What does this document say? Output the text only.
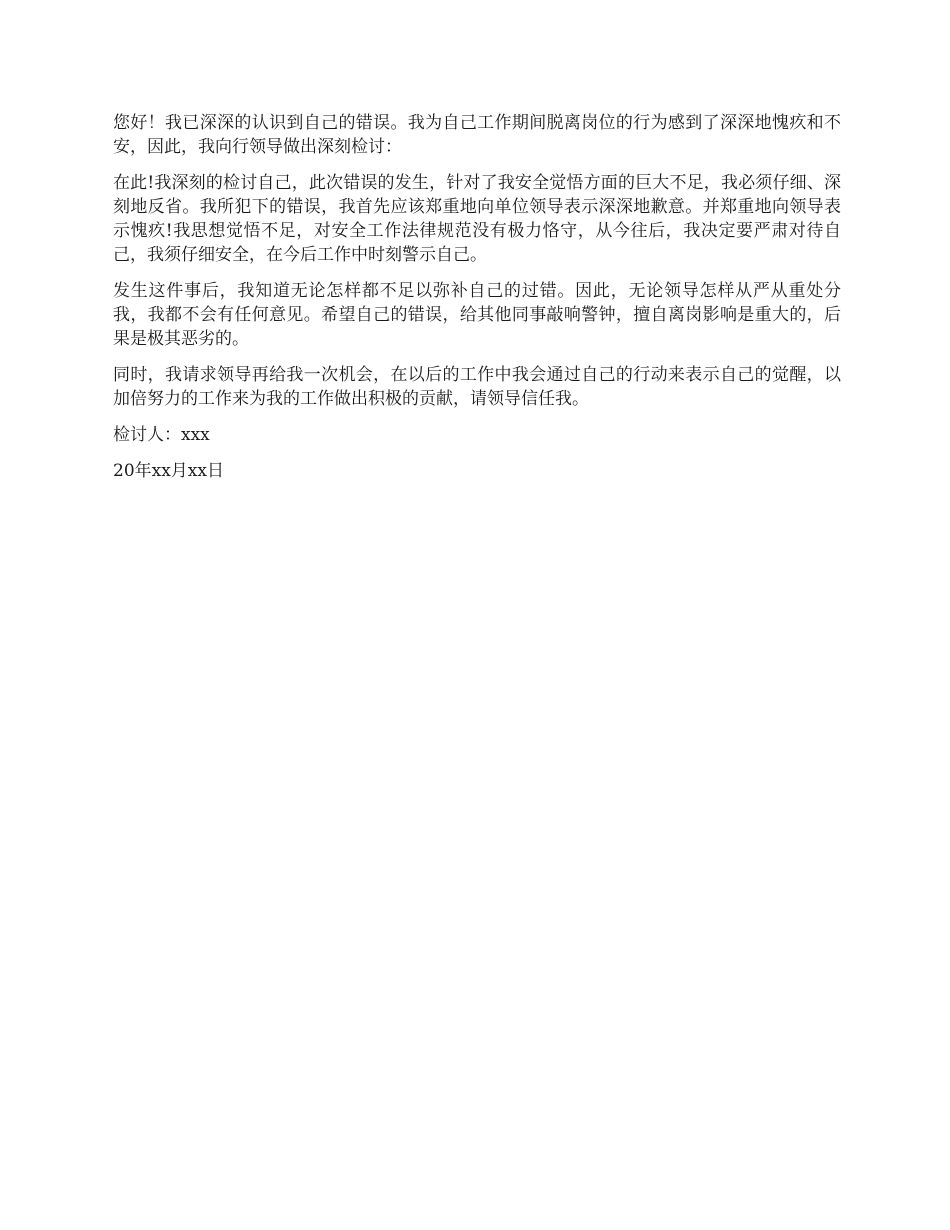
您好！我已深深的认识到自己的错误。我为自己工作期间脱离岗位的行为感到了深深地愧疚和不安，因此，我向行领导做出深刻检讨：

在此!我深刻的检讨自己，此次错误的发生，针对了我安全觉悟方面的巨大不足，我必须仔细、深刻地反省。我所犯下的错误，我首先应该郑重地向单位领导表示深深地歉意。并郑重地向领导表示愧疚!我思想觉悟不足，对安全工作法律规范没有极力恪守，从今往后，我决定要严肃对待自己，我须仔细安全，在今后工作中时刻警示自己。

发生这件事后，我知道无论怎样都不足以弥补自己的过错。因此，无论领导怎样从严从重处分我，我都不会有任何意见。希望自己的错误，给其他同事敲响警钟，擅自离岗影响是重大的，后果是极其恶劣的。

同时，我请求领导再给我一次机会，在以后的工作中我会通过自己的行动来表示自己的觉醒，以加倍努力的工作来为我的工作做出积极的贡献，请领导信任我。

检讨人：xxx

20年xx月xx日
